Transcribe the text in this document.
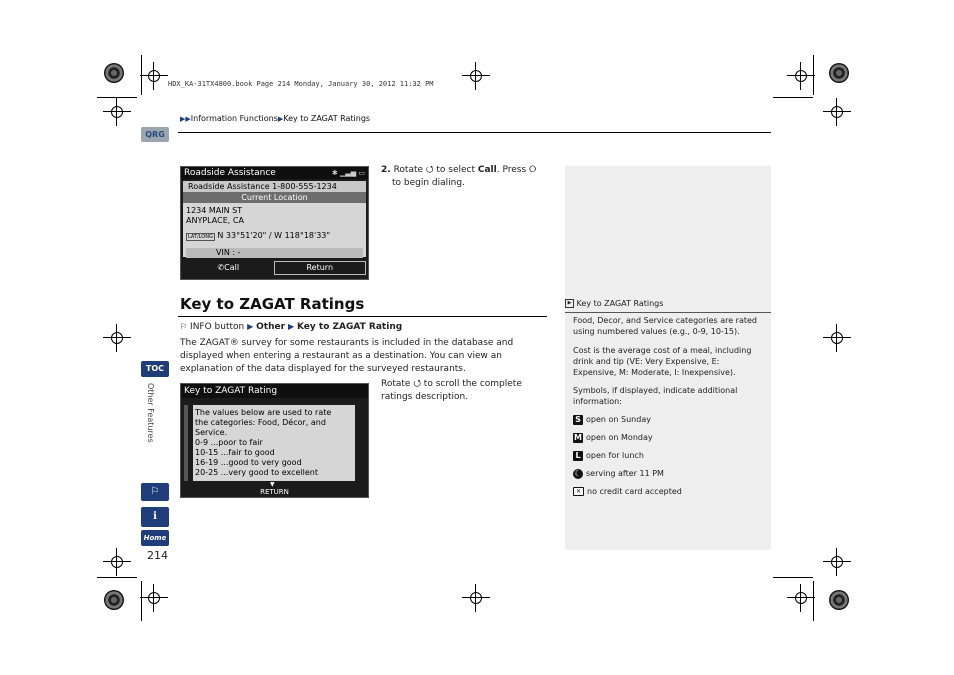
HDX_KA-31TX4800.book Page 214 Monday, January 30, 2012 11:32 PM
▶▶Information Functions▶Key to ZAGAT Ratings
QRG
TOC
Other Features
⚐
i
Home
214
Roadside Assistance	✱ ▁▃▅ ▭
Roadside Assistance 1-800-555-1234
Current Location
1234 MAIN ST
ANYPLACE, CA
LAT/LONG N 33°51'20" / W 118°18'33"
VIN : -
✆Call	Return
2. Rotate ⭯ to select Call. Press ⭘
to begin dialing.
Key to ZAGAT Ratings
⚐ INFO button ▶ Other ▶ Key to ZAGAT Rating
The ZAGAT® survey for some restaurants is included in the database and displayed when entering a restaurant as a destination. You can view an explanation of the data displayed for the surveyed restaurants.
Key to ZAGAT Rating
The values below are used to rate
the categories: Food, Décor, and
Service.
0-9 ...poor to fair
10-15 ...fair to good
16-19 ...good to very good
20-25 ...very good to excellent
▼
RETURN
Rotate ⭯ to scroll the complete ratings description.
▶ Key to ZAGAT Ratings
Food, Decor, and Service categories are rated using numbered values (e.g., 0-9, 10-15).
Cost is the average cost of a meal, including drink and tip (VE: Very Expensive, E: Expensive, M: Moderate, I: Inexpensive).
Symbols, if displayed, indicate additional information:
S open on Sunday
M open on Monday
L open for lunch
☾ serving after 11 PM
✕ no credit card accepted
